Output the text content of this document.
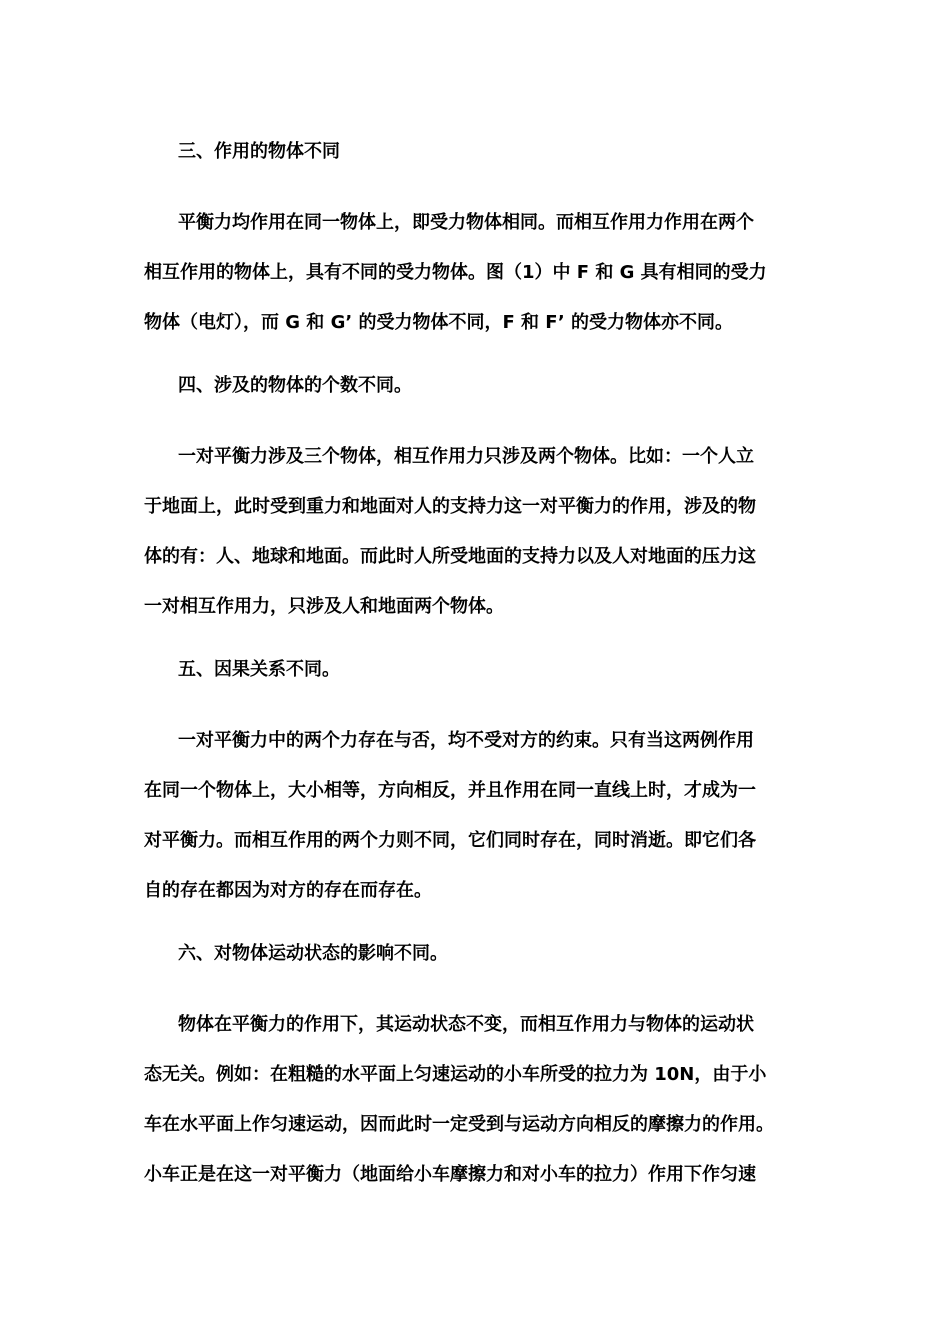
三、作用的物体不同

平衡力均作用在同一物体上，即受力物体相同。而相互作用力作用在两个
相互作用的物体上，具有不同的受力物体。图（1）中 F 和 G 具有相同的受力
物体（电灯），而 G 和 G’ 的受力物体不同，F 和 F’ 的受力物体亦不同。

四、涉及的物体的个数不同。

一对平衡力涉及三个物体，相互作用力只涉及两个物体。比如：一个人立
于地面上，此时受到重力和地面对人的支持力这一对平衡力的作用，涉及的物
体的有：人、地球和地面。而此时人所受地面的支持力以及人对地面的压力这
一对相互作用力，只涉及人和地面两个物体。

五、因果关系不同。

一对平衡力中的两个力存在与否，均不受对方的约束。只有当这两例作用
在同一个物体上，大小相等，方向相反，并且作用在同一直线上时，才成为一
对平衡力。而相互作用的两个力则不同，它们同时存在，同时消逝。即它们各
自的存在都因为对方的存在而存在。

六、对物体运动状态的影响不同。

物体在平衡力的作用下，其运动状态不变，而相互作用力与物体的运动状
态无关。例如：在粗糙的水平面上匀速运动的小车所受的拉力为 10N，由于小
车在水平面上作匀速运动，因而此时一定受到与运动方向相反的摩擦力的作用。
小车正是在这一对平衡力（地面给小车摩擦力和对小车的拉力）作用下作匀速
